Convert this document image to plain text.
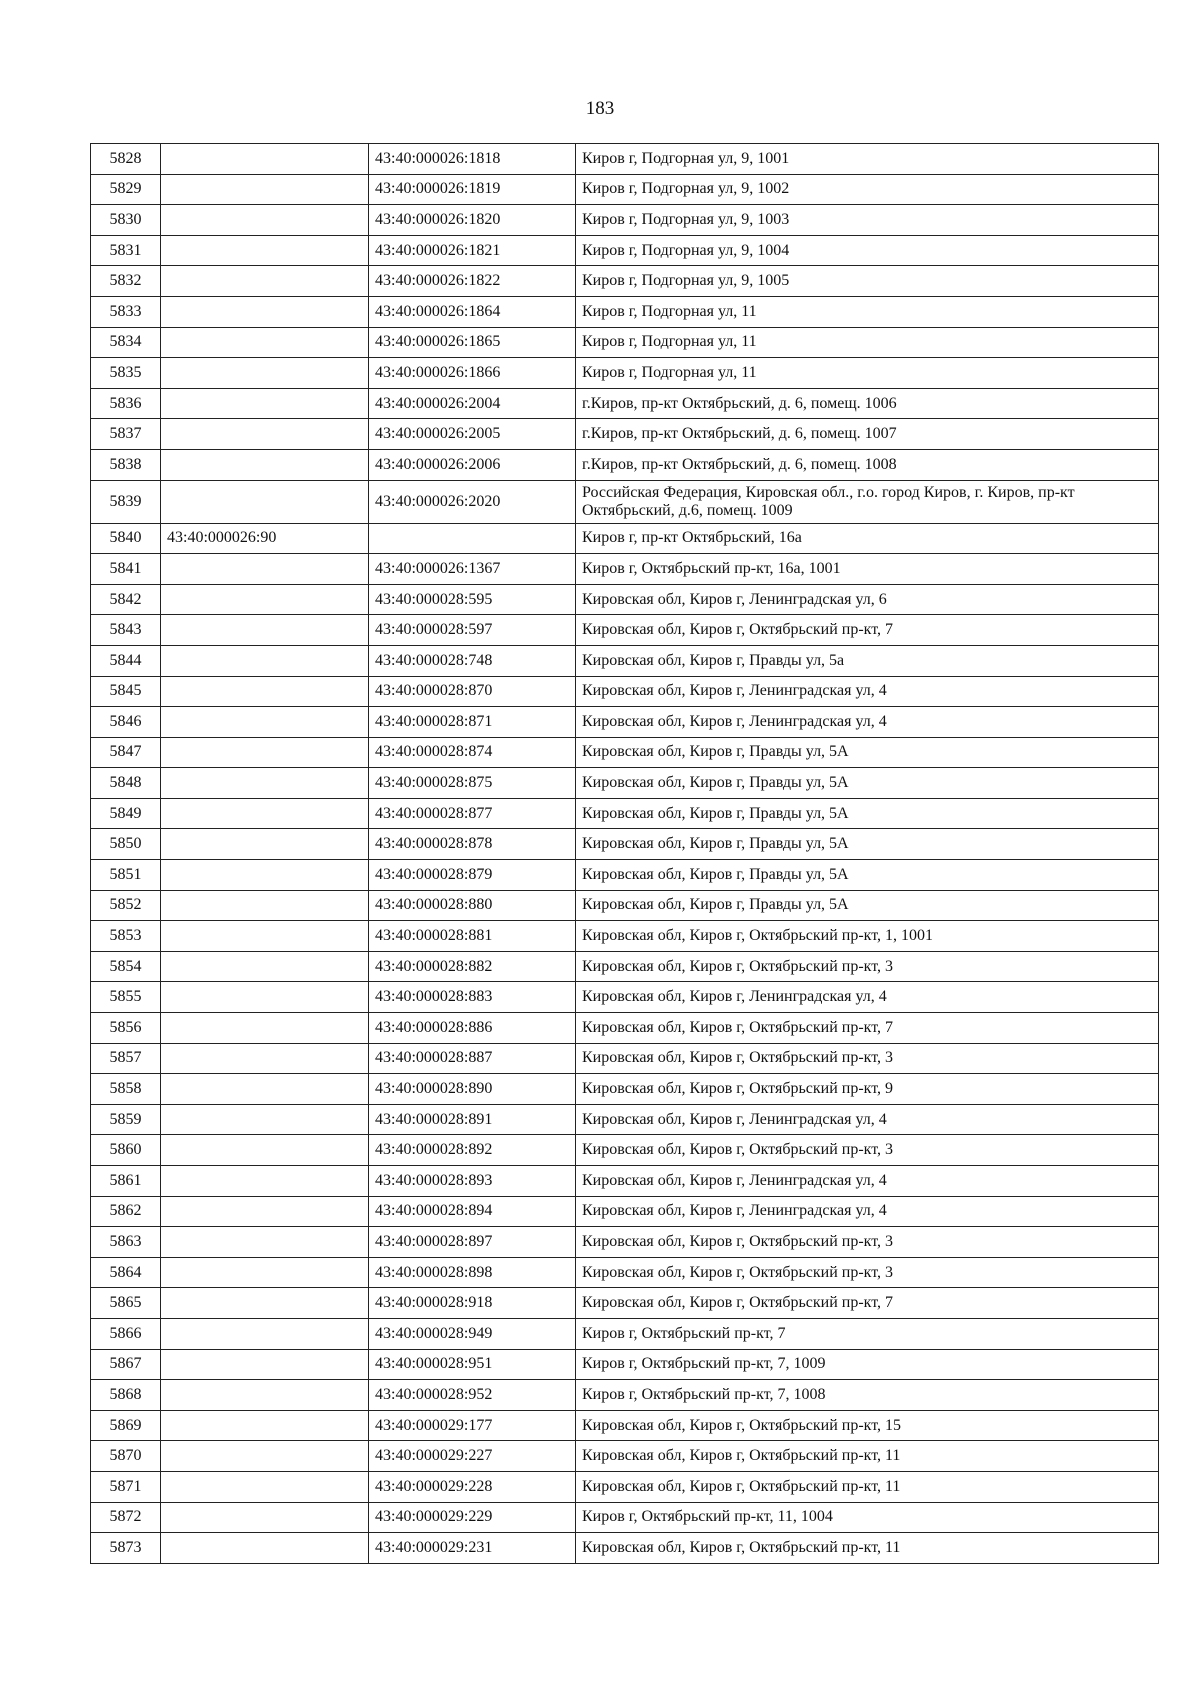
183
5828		43:40:000026:1818	Киров г, Подгорная ул, 9, 1001
5829		43:40:000026:1819	Киров г, Подгорная ул, 9, 1002
5830		43:40:000026:1820	Киров г, Подгорная ул, 9, 1003
5831		43:40:000026:1821	Киров г, Подгорная ул, 9, 1004
5832		43:40:000026:1822	Киров г, Подгорная ул, 9, 1005
5833		43:40:000026:1864	Киров г, Подгорная ул, 11
5834		43:40:000026:1865	Киров г, Подгорная ул, 11
5835		43:40:000026:1866	Киров г, Подгорная ул, 11
5836		43:40:000026:2004	г.Киров, пр-кт Октябрьский, д. 6, помещ. 1006
5837		43:40:000026:2005	г.Киров, пр-кт Октябрьский, д. 6, помещ. 1007
5838		43:40:000026:2006	г.Киров, пр-кт Октябрьский, д. 6, помещ. 1008
5839		43:40:000026:2020	Российская Федерация, Кировская обл., г.о. город Киров, г. Киров, пр-кт Октябрьский, д.6, помещ. 1009
5840	43:40:000026:90		Киров г, пр-кт Октябрьский, 16а
5841		43:40:000026:1367	Киров г, Октябрьский пр-кт, 16а, 1001
5842		43:40:000028:595	Кировская обл, Киров г, Ленинградская ул, 6
5843		43:40:000028:597	Кировская обл, Киров г, Октябрьский пр-кт, 7
5844		43:40:000028:748	Кировская обл, Киров г, Правды ул, 5а
5845		43:40:000028:870	Кировская обл, Киров г, Ленинградская ул, 4
5846		43:40:000028:871	Кировская обл, Киров г, Ленинградская ул, 4
5847		43:40:000028:874	Кировская обл, Киров г, Правды ул, 5А
5848		43:40:000028:875	Кировская обл, Киров г, Правды ул, 5А
5849		43:40:000028:877	Кировская обл, Киров г, Правды ул, 5А
5850		43:40:000028:878	Кировская обл, Киров г, Правды ул, 5А
5851		43:40:000028:879	Кировская обл, Киров г, Правды ул, 5А
5852		43:40:000028:880	Кировская обл, Киров г, Правды ул, 5А
5853		43:40:000028:881	Кировская обл, Киров г, Октябрьский пр-кт, 1, 1001
5854		43:40:000028:882	Кировская обл, Киров г, Октябрьский пр-кт, 3
5855		43:40:000028:883	Кировская обл, Киров г, Ленинградская ул, 4
5856		43:40:000028:886	Кировская обл, Киров г, Октябрьский пр-кт, 7
5857		43:40:000028:887	Кировская обл, Киров г, Октябрьский пр-кт, 3
5858		43:40:000028:890	Кировская обл, Киров г, Октябрьский пр-кт, 9
5859		43:40:000028:891	Кировская обл, Киров г, Ленинградская ул, 4
5860		43:40:000028:892	Кировская обл, Киров г, Октябрьский пр-кт, 3
5861		43:40:000028:893	Кировская обл, Киров г, Ленинградская ул, 4
5862		43:40:000028:894	Кировская обл, Киров г, Ленинградская ул, 4
5863		43:40:000028:897	Кировская обл, Киров г, Октябрьский пр-кт, 3
5864		43:40:000028:898	Кировская обл, Киров г, Октябрьский пр-кт, 3
5865		43:40:000028:918	Кировская обл, Киров г, Октябрьский пр-кт, 7
5866		43:40:000028:949	Киров г, Октябрьский пр-кт, 7
5867		43:40:000028:951	Киров г, Октябрьский пр-кт, 7, 1009
5868		43:40:000028:952	Киров г, Октябрьский пр-кт, 7, 1008
5869		43:40:000029:177	Кировская обл, Киров г, Октябрьский пр-кт, 15
5870		43:40:000029:227	Кировская обл, Киров г, Октябрьский пр-кт, 11
5871		43:40:000029:228	Кировская обл, Киров г, Октябрьский пр-кт, 11
5872		43:40:000029:229	Киров г, Октябрьский пр-кт, 11, 1004
5873		43:40:000029:231	Кировская обл, Киров г, Октябрьский пр-кт, 11
